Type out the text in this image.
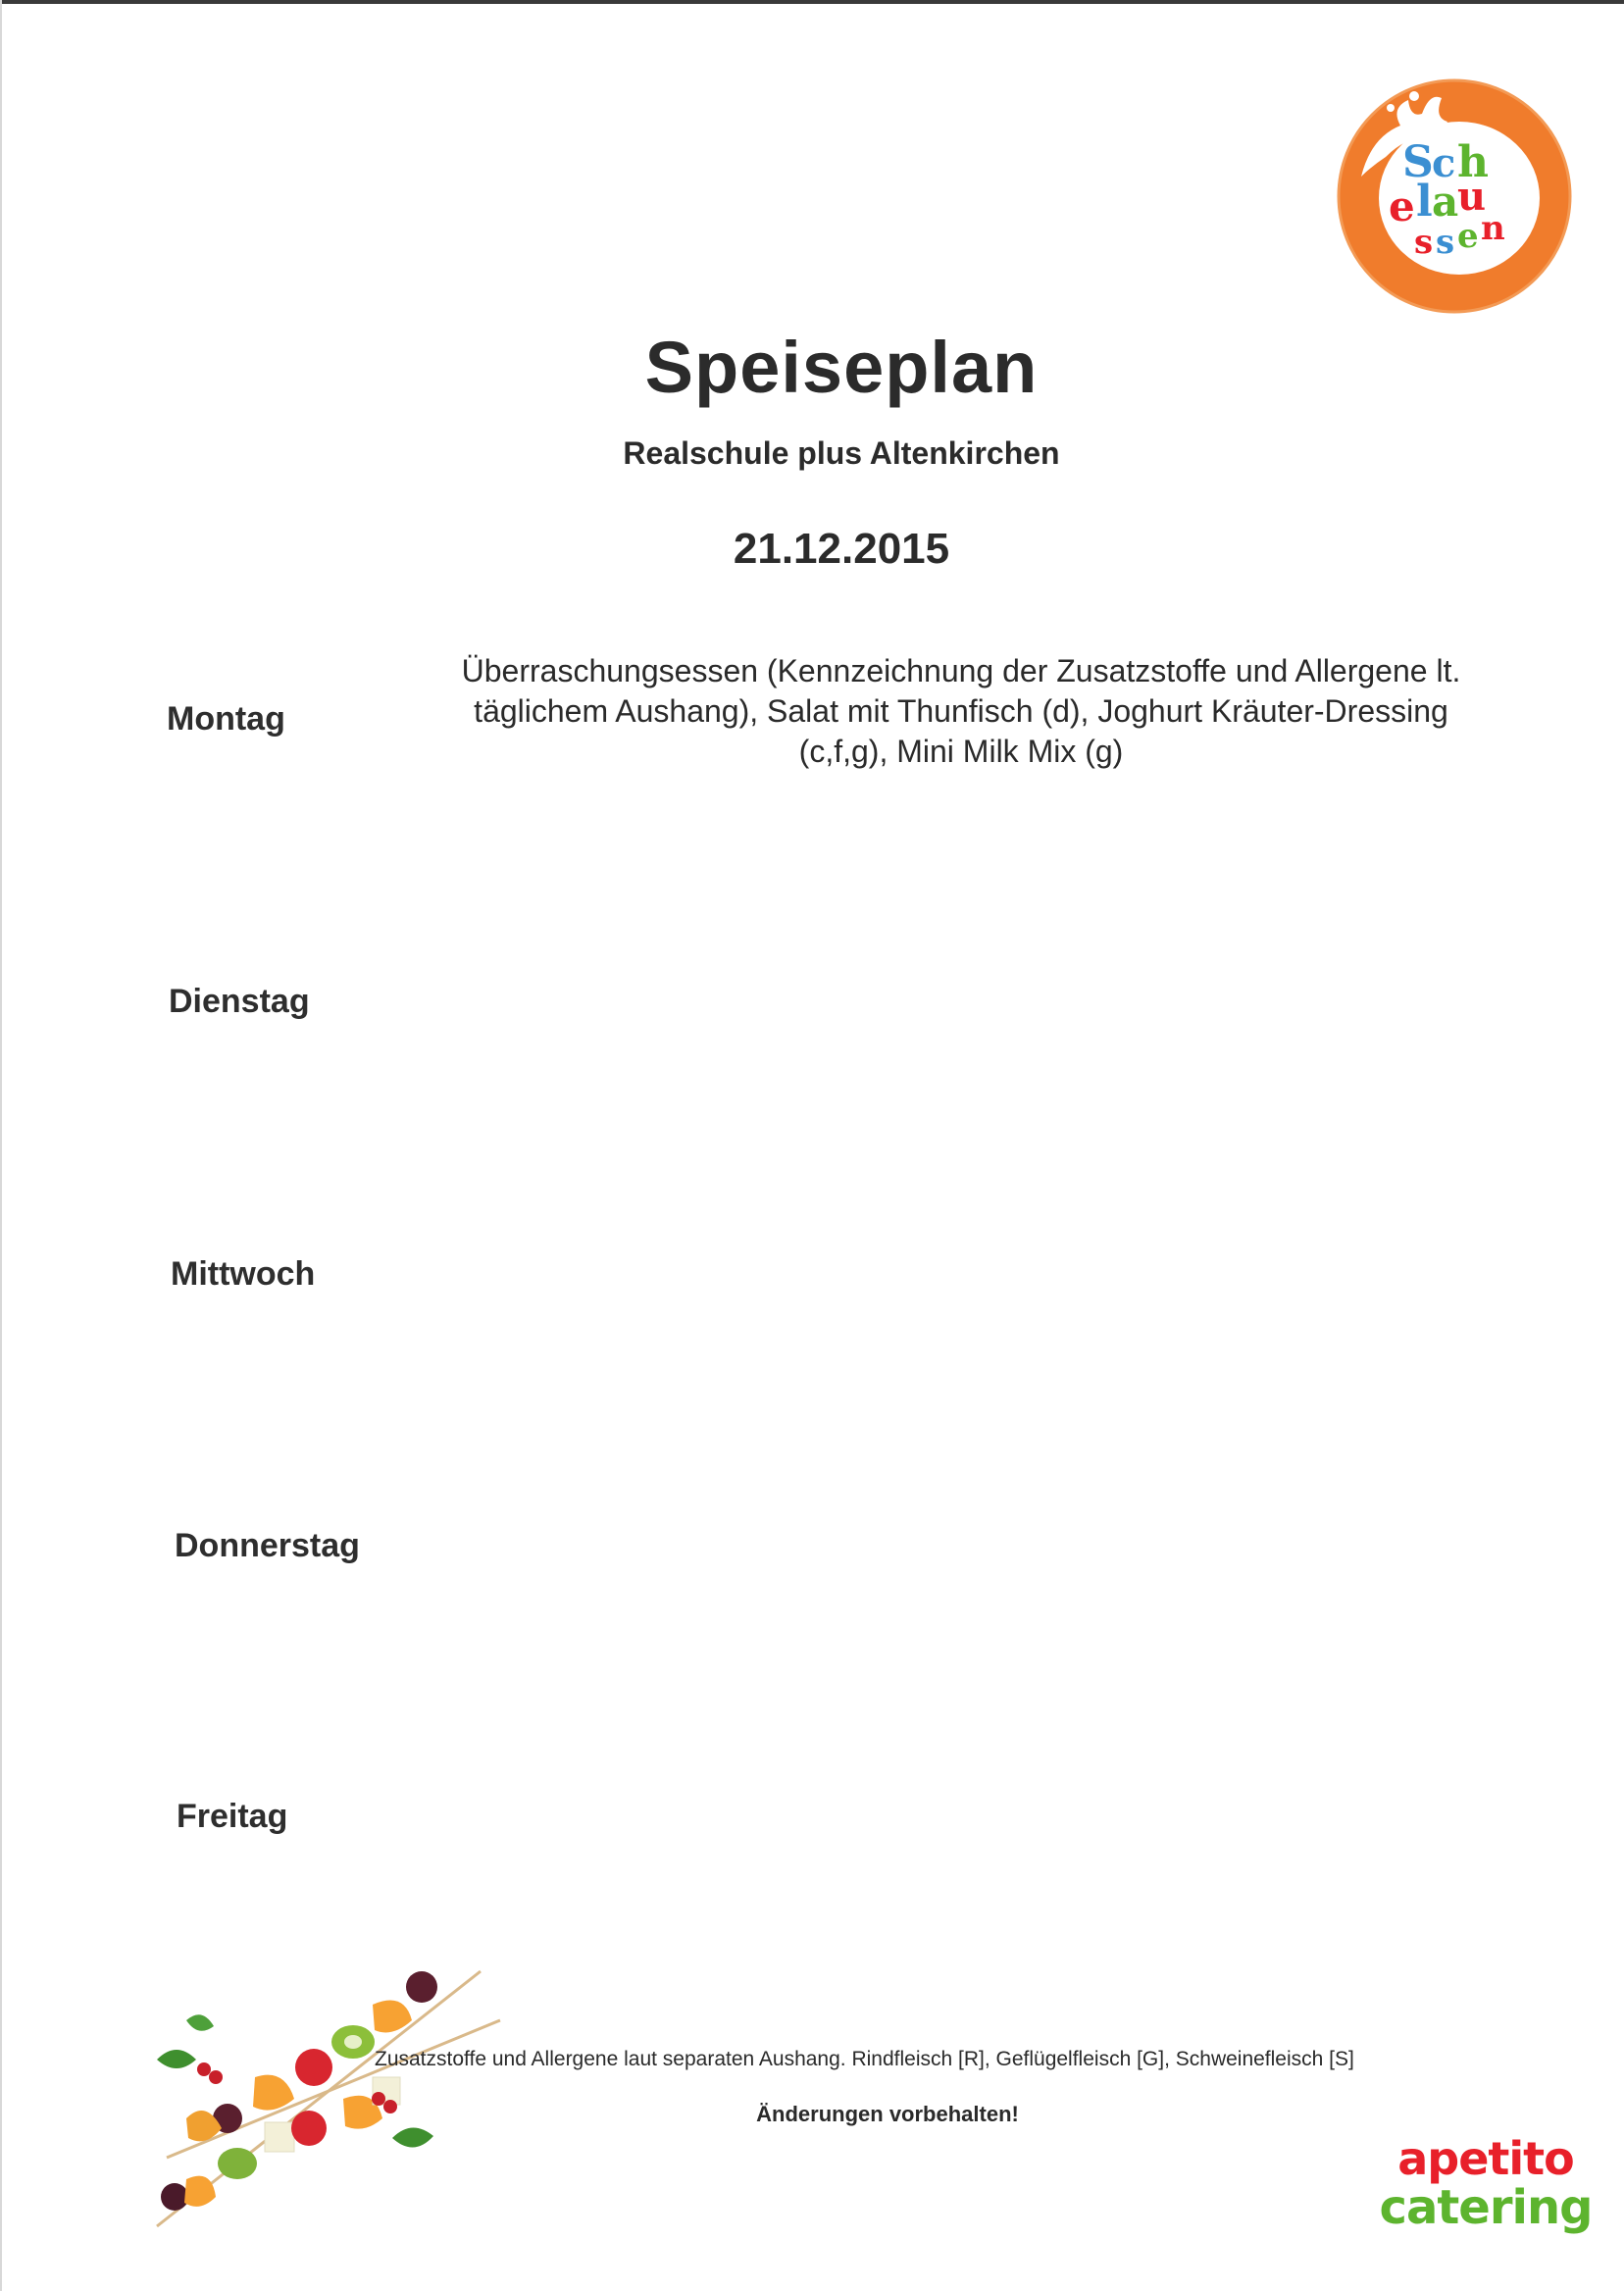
S
c h
e l a
u
s s e n
Speiseplan
Realschule plus Altenkirchen
21.12.2015
Montag
Überraschungsessen (Kennzeichnung der Zusatzstoffe und Allergene lt.
täglichem Aushang), Salat mit Thunfisch (d), Joghurt Kräuter-Dressing
(c,f,g), Mini Milk Mix (g)
Dienstag
Mittwoch
Donnerstag
Freitag
Zusatzstoffe und Allergene laut separaten Aushang. Rindfleisch [R], Geflügelfleisch [G], Schweinefleisch [S]
Änderungen vorbehalten!
apetito
catering
